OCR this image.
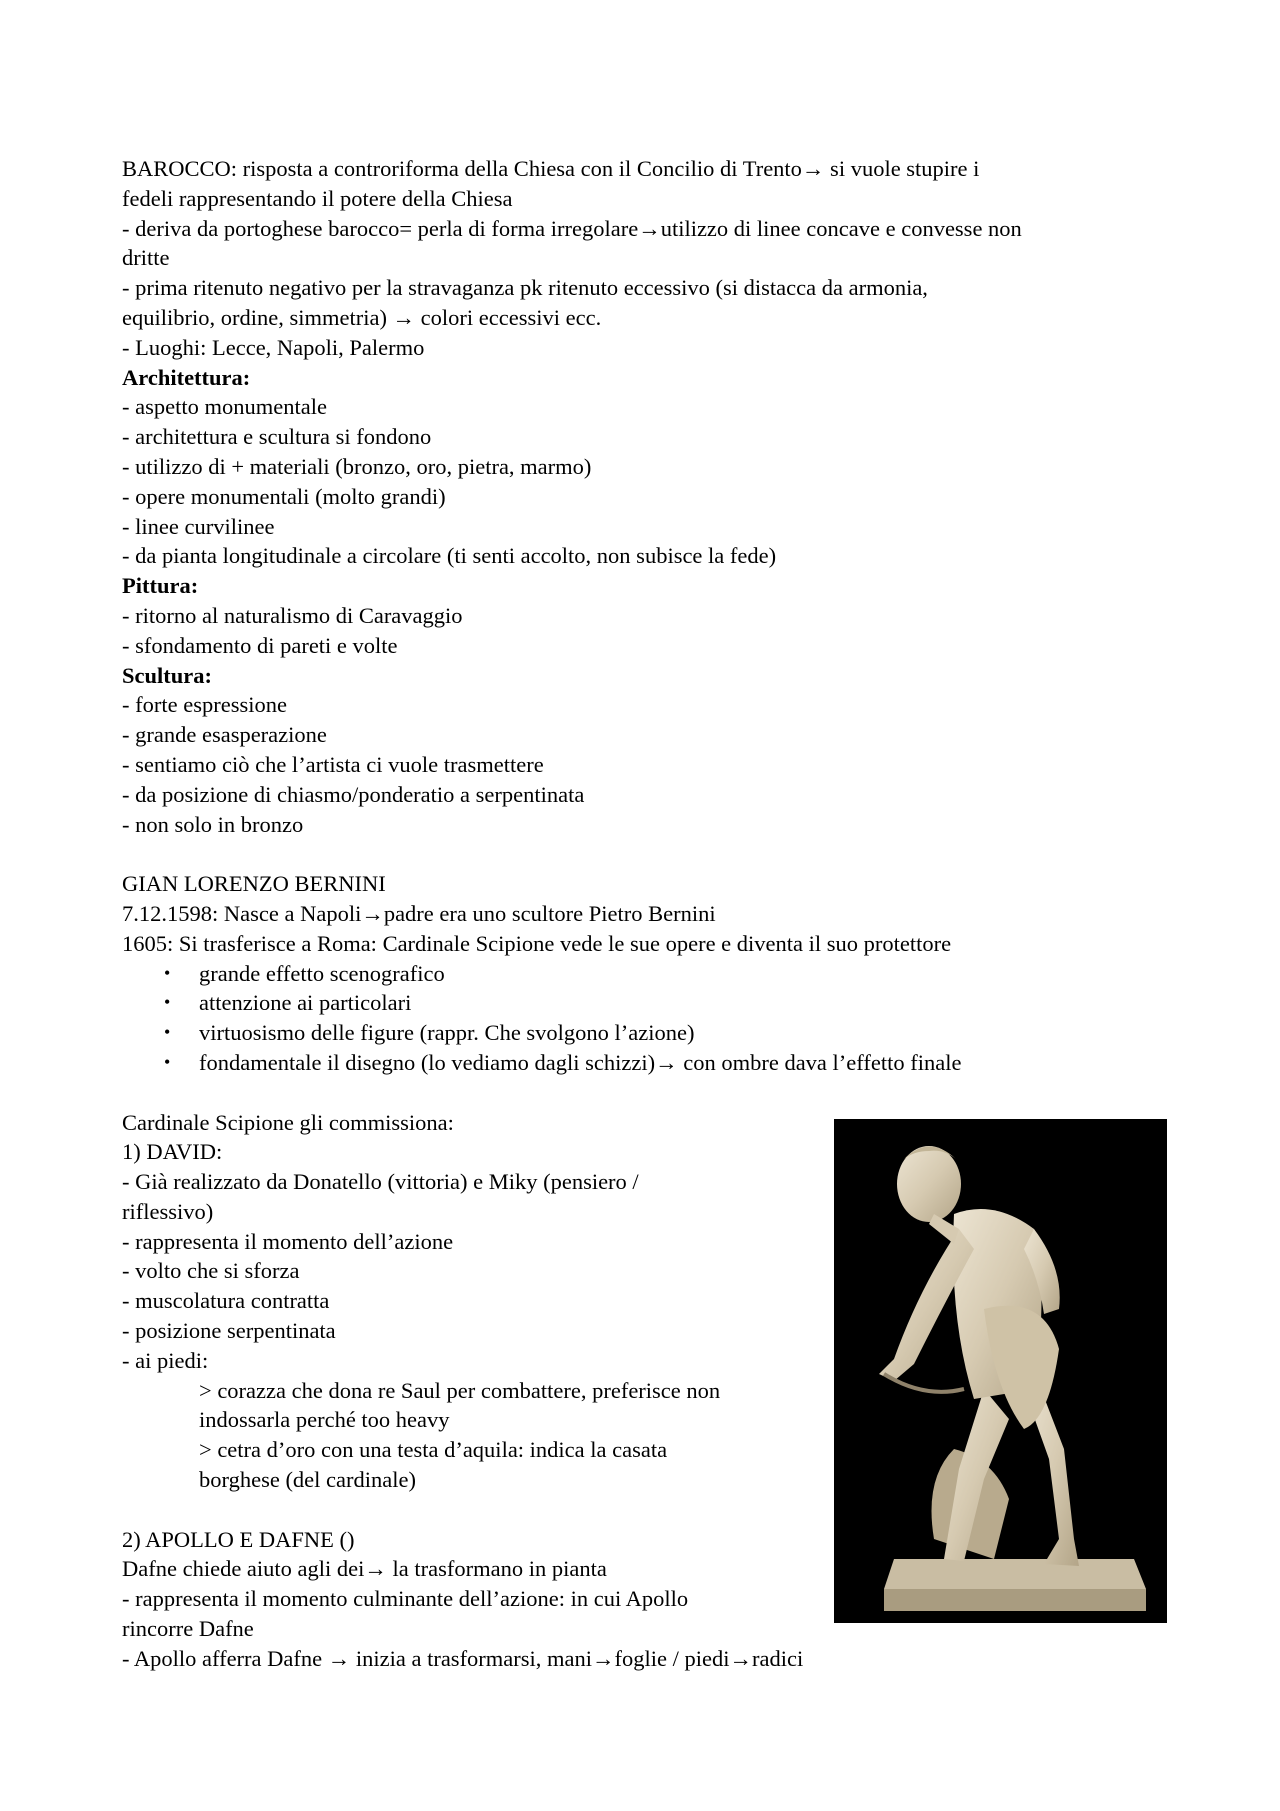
BAROCCO: risposta a controriforma della Chiesa con il Concilio di Trento→ si vuole stupire i
fedeli rappresentando il potere della Chiesa
- deriva da portoghese barocco= perla di forma irregolare→utilizzo di linee concave e convesse non
dritte
- prima ritenuto negativo per la stravaganza pk ritenuto eccessivo (si distacca da armonia,
equilibrio, ordine, simmetria) → colori eccessivi ecc.
- Luoghi: Lecce, Napoli, Palermo
Architettura:
- aspetto monumentale
- architettura e scultura si fondono
- utilizzo di + materiali (bronzo, oro, pietra, marmo)
- opere monumentali (molto grandi)
- linee curvilinee
- da pianta longitudinale a circolare (ti senti accolto, non subisce la fede)
Pittura:
- ritorno al naturalismo di Caravaggio
- sfondamento di pareti e volte
Scultura:
- forte espressione
- grande esasperazione
- sentiamo ciò che l’artista ci vuole trasmettere
- da posizione di chiasmo/ponderatio a serpentinata
- non solo in bronzo
GIAN LORENZO BERNINI
7.12.1598: Nasce a Napoli→padre era uno scultore Pietro Bernini
1605: Si trasferisce a Roma: Cardinale Scipione vede le sue opere e diventa il suo protettore
• grande effetto scenografico
• attenzione ai particolari
• virtuosismo delle figure (rappr. Che svolgono l’azione)
• fondamentale il disegno (lo vediamo dagli schizzi)→ con ombre dava l’effetto finale
Cardinale Scipione gli commissiona:
1) DAVID:
- Già realizzato da Donatello (vittoria) e Miky (pensiero /
riflessivo)
- rappresenta il momento dell’azione
- volto che si sforza
- muscolatura contratta
- posizione serpentinata
- ai piedi:
> corazza che dona re Saul per combattere, preferisce non
indossarla perché too heavy
> cetra d’oro con una testa d’aquila: indica la casata
borghese (del cardinale)
2) APOLLO E DAFNE ()
Dafne chiede aiuto agli dei→ la trasformano in pianta
- rappresenta il momento culminante dell’azione: in cui Apollo
rincorre Dafne
- Apollo afferra Dafne → inizia a trasformarsi, mani→foglie / piedi→radici
